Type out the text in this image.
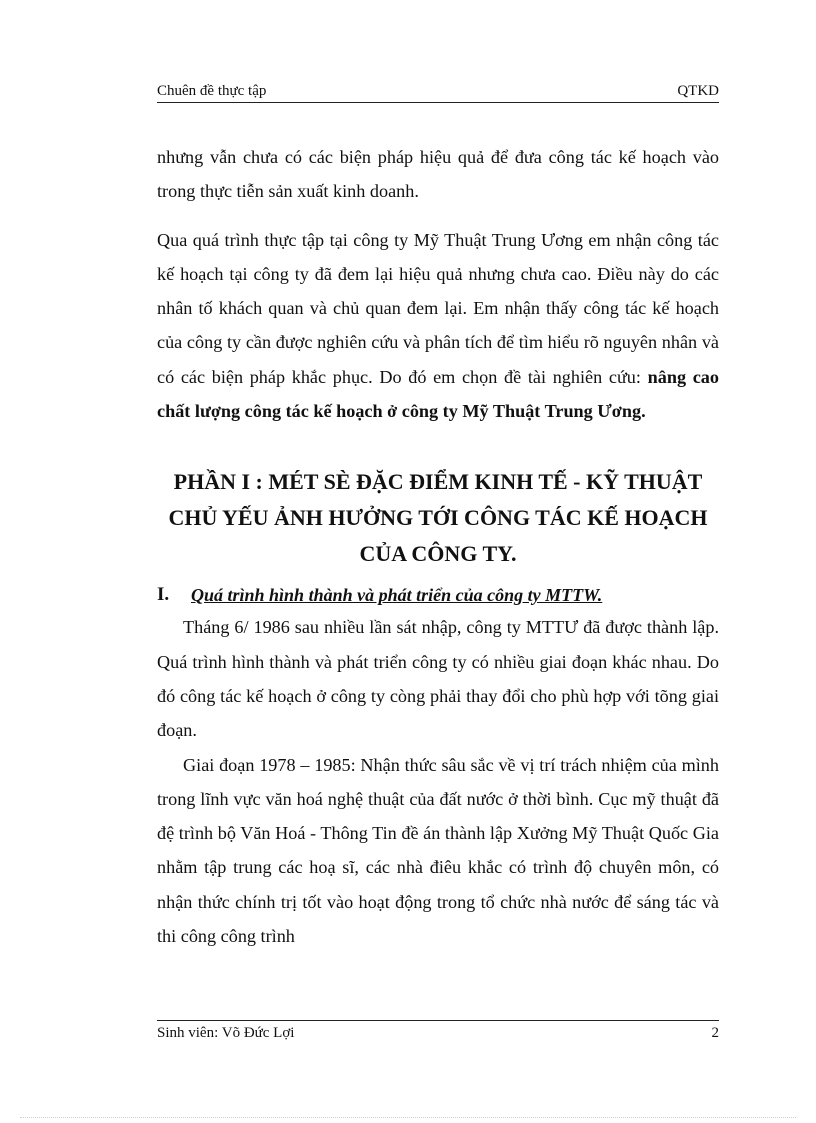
Chuên đề thực tập	QTKD

nhưng vẫn chưa có các biện pháp hiệu quả để đưa công tác kế hoạch vào trong thực tiễn sản xuất kinh doanh.

Qua quá trình thực tập tại công ty Mỹ Thuật Trung Ương em nhận công tác kế hoạch tại công ty đã đem lại hiệu quả nhưng chưa cao. Điều này do các nhân tố khách quan và chủ quan đem lại. Em nhận thấy công tác kế hoạch của công ty cần được nghiên cứu và phân tích để tìm hiểu rõ nguyên nhân và có các biện pháp khắc phục. Do đó em chọn đề tài nghiên cứu: nâng cao chất lượng công tác kế hoạch ở công ty Mỹ Thuật Trung Ương.

PHẦN I : MÉT SÈ ĐẶC ĐIỂM KINH TẾ - KỸ THUẬT
CHỦ YẾU ẢNH HƯỞNG TỚI CÔNG TÁC KẾ HOẠCH
CỦA CÔNG TY.
I.	Quá trình hình thành và phát triển của công ty MTTW.

Tháng 6/ 1986 sau nhiều lần sát nhập, công ty MTTƯ đã được thành lập. Quá trình hình thành và phát triển công ty có nhiều giai đoạn khác nhau. Do đó công tác kế hoạch ở công ty còng phải thay đổi cho phù hợp với tõng giai đoạn.

Giai đoạn 1978 – 1985: Nhận thức sâu sắc về vị trí trách nhiệm của mình trong lĩnh vực văn hoá nghệ thuật của đất nước ở thời bình. Cục mỹ thuật đã đệ trình bộ Văn Hoá - Thông Tin đề án thành lập Xưởng Mỹ Thuật Quốc Gia nhằm tập trung các hoạ sĩ, các nhà điêu khắc có trình độ chuyên môn, có nhận thức chính trị tốt vào hoạt động trong tổ chức nhà nước để sáng tác và thi công công trình

Sinh viên: Võ Đức Lợi	2
